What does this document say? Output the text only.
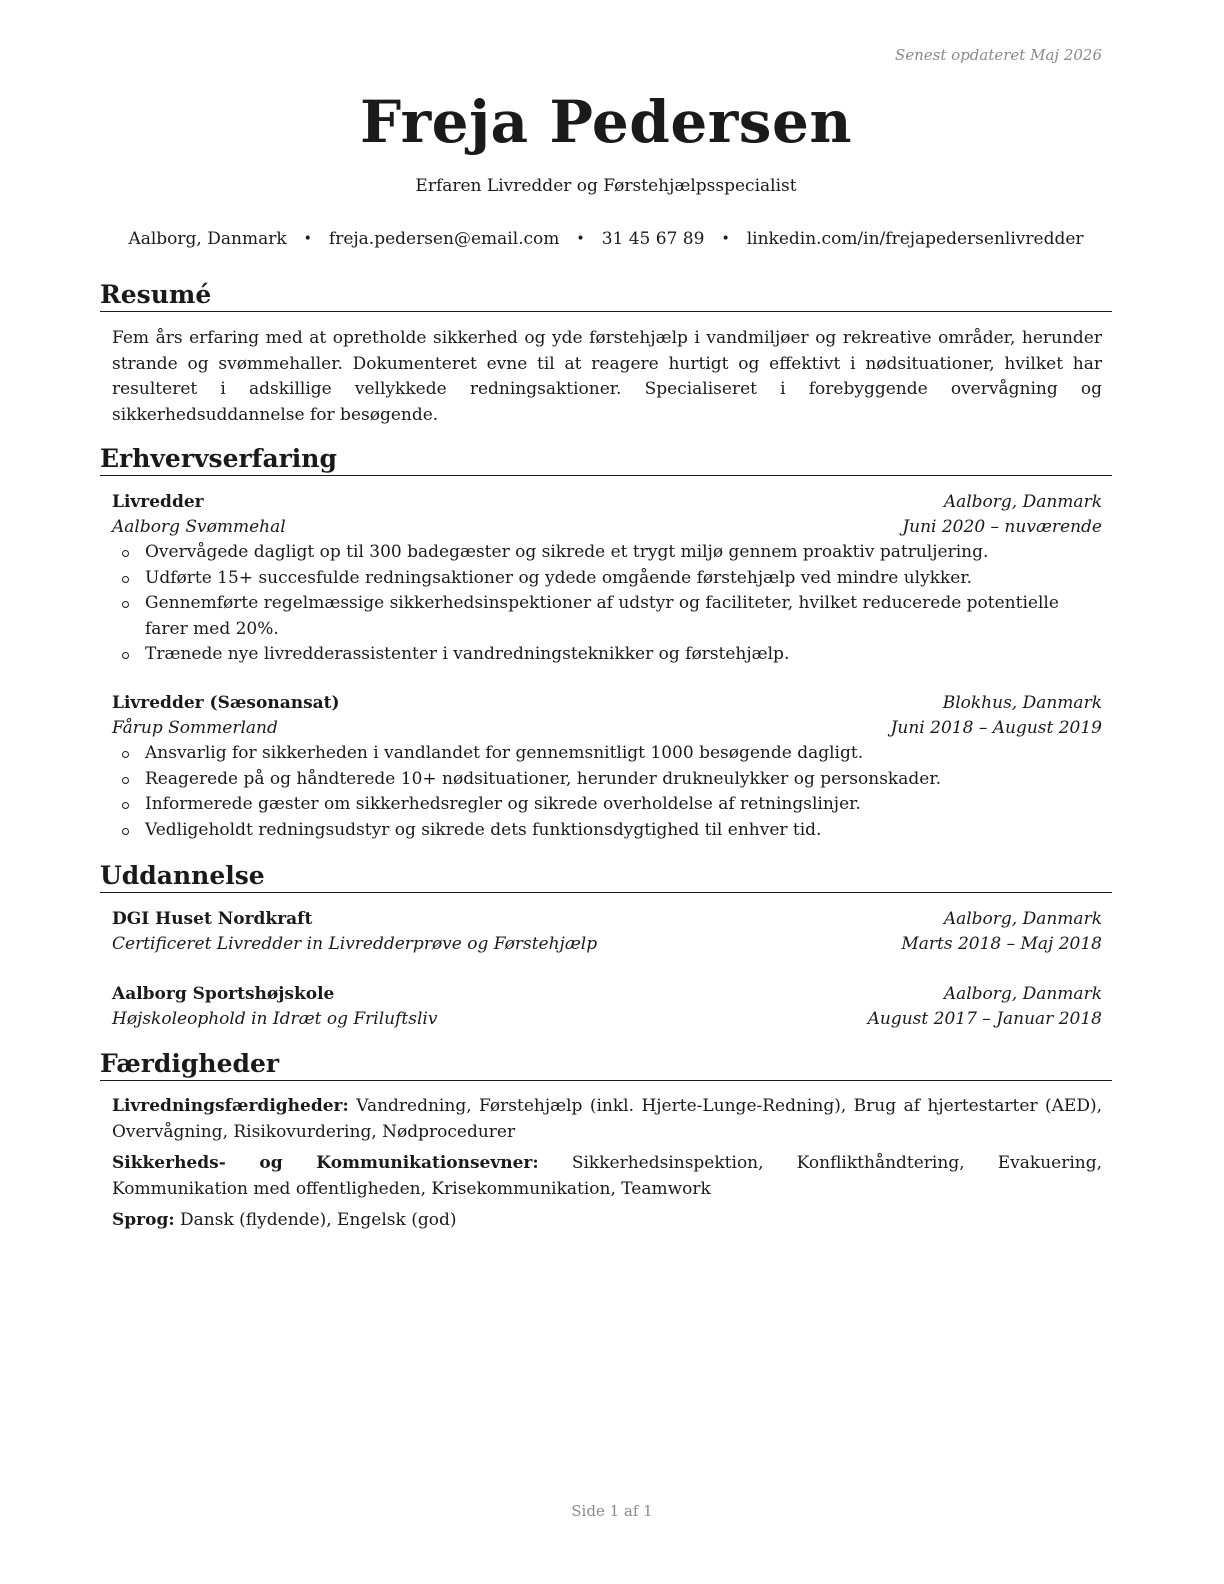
Senest opdateret Maj 2026
Freja Pedersen
Erfaren Livredder og Førstehjælpsspecialist
Aalborg, Danmark • freja.pedersen@email.com • 31 45 67 89 • linkedin.com/in/frejapedersenlivredder
Resumé
Fem års erfaring med at opretholde sikkerhed og yde førstehjælp i vandmiljøer og rekreative områder, herunder strande og svømmehaller. Dokumenteret evne til at reagere hurtigt og effektivt i nødsituationer, hvilket har resulteret i adskillige vellykkede redningsaktioner. Specialiseret i forebyggende overvågning og sikkerhedsuddannelse for besøgende.
Erhvervserfaring
Livredder	Aalborg, Danmark
Aalborg Svømmehal	Juni 2020 – nuværende
Overvågede dagligt op til 300 badegæster og sikrede et trygt miljø gennem proaktiv patruljering.
Udførte 15+ succesfulde redningsaktioner og ydede omgående førstehjælp ved mindre ulykker.
Gennemførte regelmæssige sikkerhedsinspektioner af udstyr og faciliteter, hvilket reducerede potentielle farer med 20%.
Trænede nye livredderassistenter i vandredningsteknikker og førstehjælp.
Livredder (Sæsonansat)	Blokhus, Danmark
Fårup Sommerland	Juni 2018 – August 2019
Ansvarlig for sikkerheden i vandlandet for gennemsnitligt 1000 besøgende dagligt.
Reagerede på og håndterede 10+ nødsituationer, herunder drukneulykker og personskader.
Informerede gæster om sikkerhedsregler og sikrede overholdelse af retningslinjer.
Vedligeholdt redningsudstyr og sikrede dets funktionsdygtighed til enhver tid.
Uddannelse
DGI Huset Nordkraft	Aalborg, Danmark
Certificeret Livredder in Livredderprøve og Førstehjælp	Marts 2018 – Maj 2018
Aalborg Sportshøjskole	Aalborg, Danmark
Højskoleophold in Idræt og Friluftsliv	August 2017 – Januar 2018
Færdigheder

Livredningsfærdigheder: Vandredning, Førstehjælp (inkl. Hjerte-Lunge-Redning), Brug af hjertestarter (AED), Overvågning, Risikovurdering, Nødprocedurer

Sikkerheds- og Kommunikationsevner: Sikkerhedsinspektion, Konflikthåndtering, Evakuering, Kommunikation med offentligheden, Krisekommunikation, Teamwork

Sprog: Dansk (flydende), Engelsk (god)

Side 1 af 1
